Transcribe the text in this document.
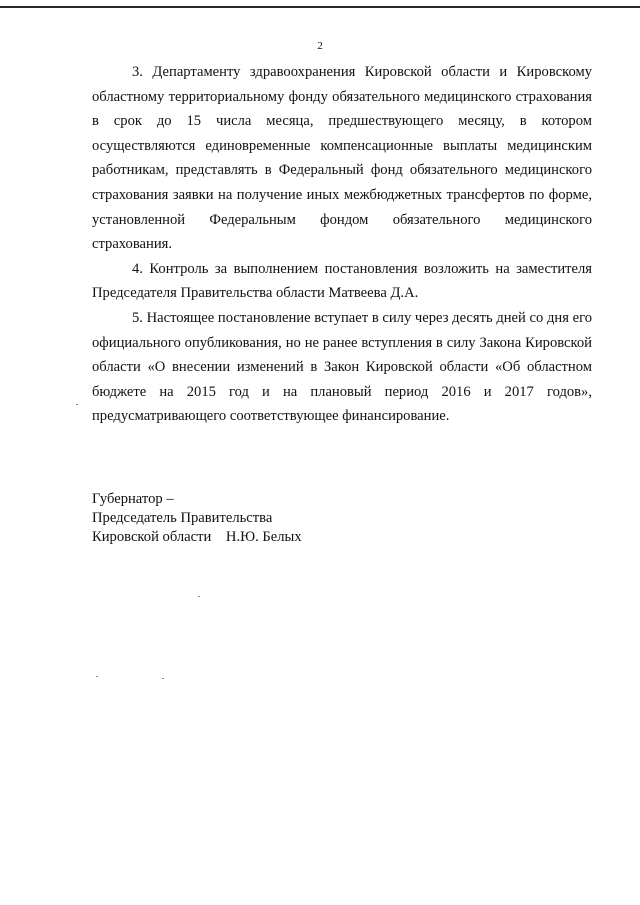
2

3. Департаменту здравоохранения Кировской области и Кировскому областному территориальному фонду обязательного медицинского страхования в срок до 15 числа месяца, предшествующего месяцу, в котором осуществляются единовременные компенсационные выплаты медицинским работникам, представлять в Федеральный фонд обязательного медицинского страхования заявки на получение иных межбюджетных трансфертов по форме, установленной Федеральным фондом обязательного медицинского страхования.

4. Контроль за выполнением постановления возложить на заместителя Председателя Правительства области Матвеева Д.А.

5. Настоящее постановление вступает в силу через десять дней со дня его официального опубликования, но не ранее вступления в силу Закона Кировской области «О внесении изменений в Закон Кировской области «Об областном бюджете на 2015 год и на плановый период 2016 и 2017 годов», предусматривающего соответствующее финансирование.

Губернатор –
Председатель Правительства
Кировской области    Н.Ю. Белых
